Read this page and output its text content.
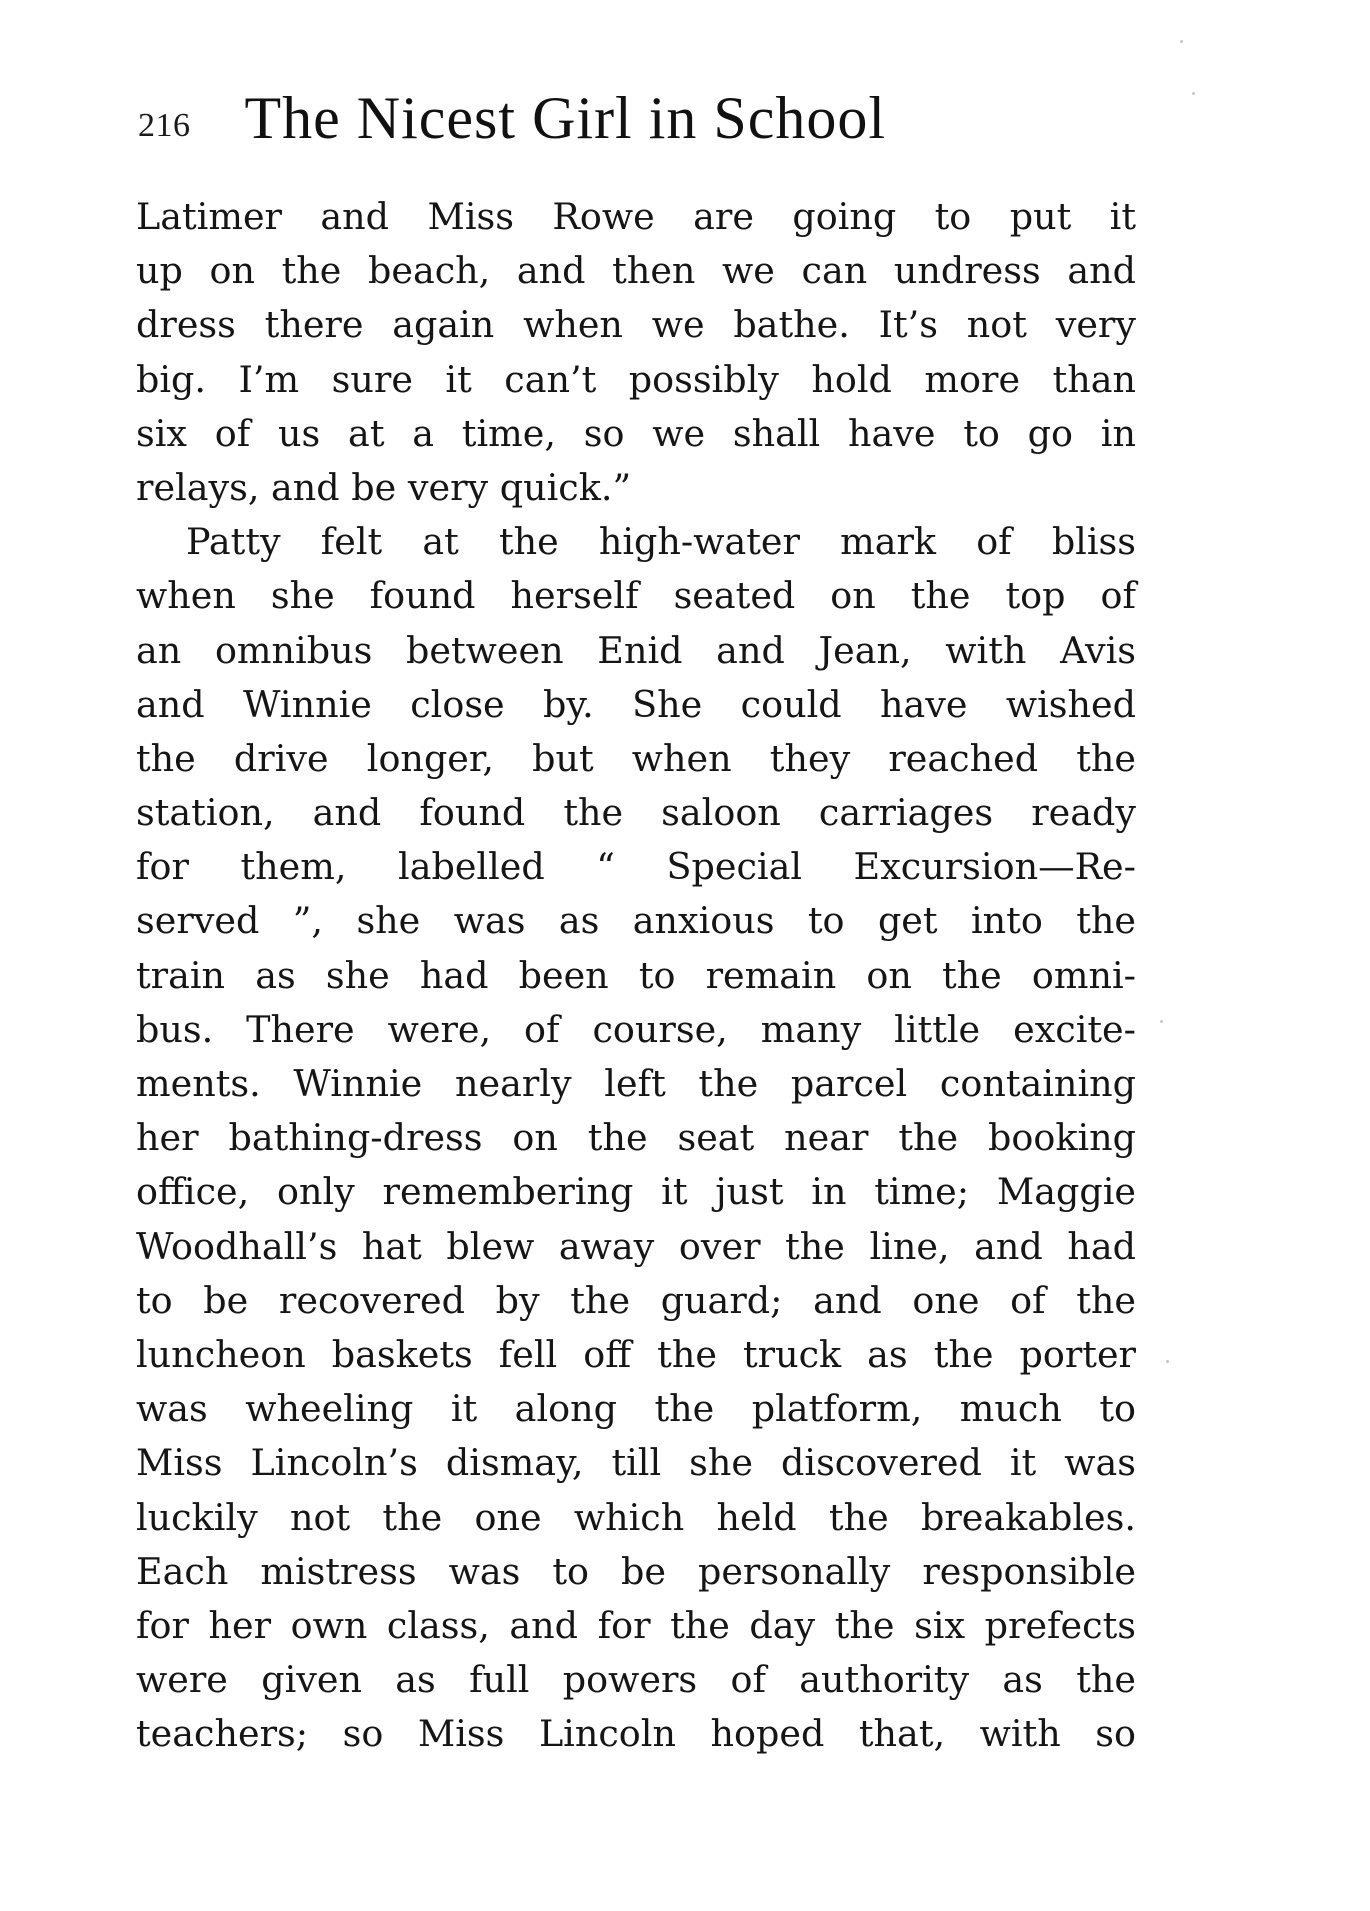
216 The Nicest Girl in School
Latimer and Miss Rowe are going to put it
up on the beach, and then we can undress and
dress there again when we bathe. It’s not very
big. I’m sure it can’t possibly hold more than
six of us at a time, so we shall have to go in
relays, and be very quick.”
Patty felt at the high-water mark of bliss
when she found herself seated on the top of
an omnibus between Enid and Jean, with Avis
and Winnie close by. She could have wished
the drive longer, but when they reached the
station, and found the saloon carriages ready
for them, labelled “ Special Excursion—Re-
served ”, she was as anxious to get into the
train as she had been to remain on the omni-
bus. There were, of course, many little excite-
ments. Winnie nearly left the parcel containing
her bathing-dress on the seat near the booking
office, only remembering it just in time; Maggie
Woodhall’s hat blew away over the line, and had
to be recovered by the guard; and one of the
luncheon baskets fell off the truck as the porter
was wheeling it along the platform, much to
Miss Lincoln’s dismay, till she discovered it was
luckily not the one which held the breakables.
Each mistress was to be personally responsible
for her own class, and for the day the six prefects
were given as full powers of authority as the
teachers; so Miss Lincoln hoped that, with so
